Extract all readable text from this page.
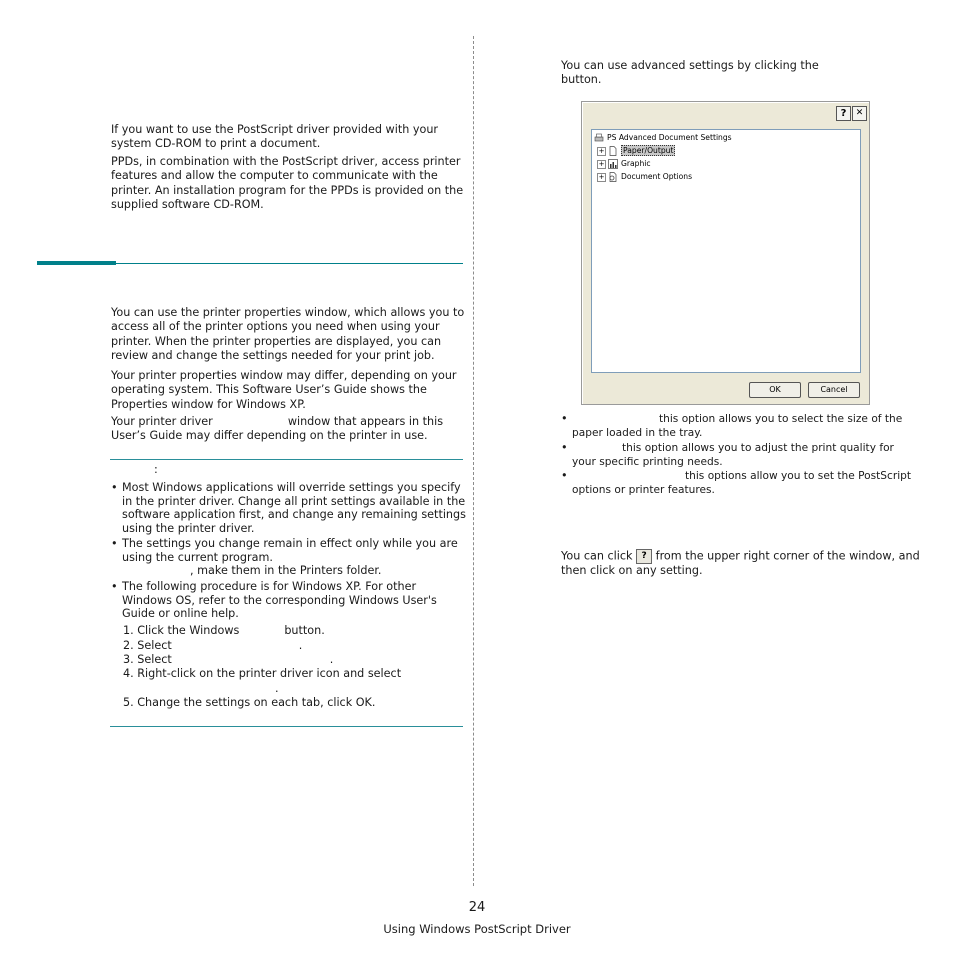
If you want to use the PostScript driver provided with your
system CD-ROM to print a document.
PPDs, in combination with the PostScript driver, access printer
features and allow the computer to communicate with the
printer. An installation program for the PPDs is provided on the
supplied software CD-ROM.
You can use the printer properties window, which allows you to
access all of the printer options you need when using your
printer. When the printer properties are displayed, you can
review and change the settings needed for your print job.
Your printer properties window may differ, depending on your
operating system. This Software User’s Guide shows the
Properties window for Windows XP.
Your printer driver	window that appears in this
User’s Guide may differ depending on the printer in use.
:
• Most Windows applications will override settings you specify
in the printer driver. Change all print settings available in the
software application first, and change any remaining settings
using the printer driver.
• The settings you change remain in effect only while you are
using the current program.
, make them in the Printers folder.
• The following procedure is for Windows XP. For other
Windows OS, refer to the corresponding Windows User's
Guide or online help.
1. Click the Windows	button.
2. Select	.
3. Select	.
4. Right-click on the printer driver icon and select
.
5. Change the settings on each tab, click OK.
You can use advanced settings by clicking the
button.
?	✕
PS Advanced Document Settings
+ Paper/Output
+ Graphic
+ Document Options
OK	Cancel
•	this option allows you to select the size of the
paper loaded in the tray.
•	this option allows you to adjust the print quality for
your specific printing needs.
•	this options allow you to set the PostScript
options or printer features.
You can click ? from the upper right corner of the window, and
then click on any setting.
24
Using Windows PostScript Driver
